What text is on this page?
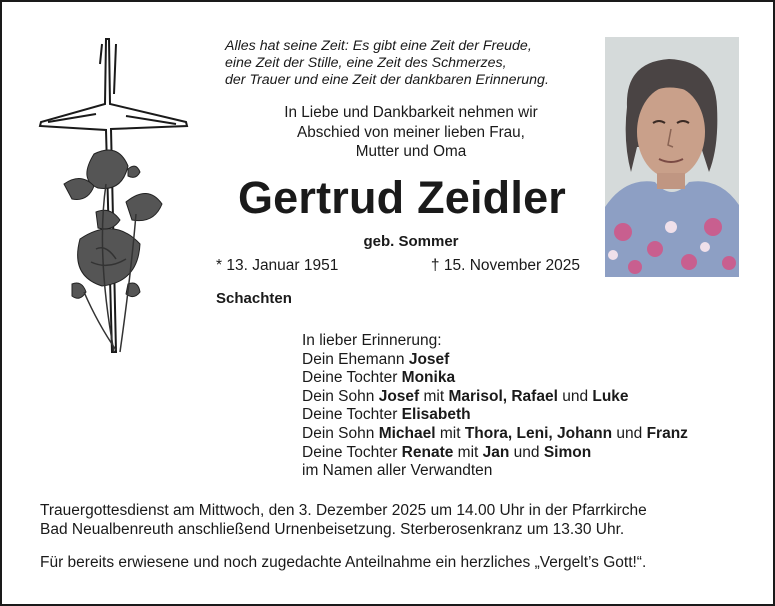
Alles hat seine Zeit: Es gibt eine Zeit der Freude,
eine Zeit der Stille, eine Zeit des Schmerzes,
der Trauer und eine Zeit der dankbaren Erinnerung.
In Liebe und Dankbarkeit nehmen wir
Abschied von meiner lieben Frau,
Mutter und Oma
Gertrud Zeidler
geb. Sommer
* 13. Januar 1951	† 15. November 2025
Schachten
In lieber Erinnerung:
Dein Ehemann Josef
Deine Tochter Monika
Dein Sohn Josef mit Marisol, Rafael und Luke
Deine Tochter Elisabeth
Dein Sohn Michael mit Thora, Leni, Johann und Franz
Deine Tochter Renate mit Jan und Simon
im Namen aller Verwandten
Trauergottesdienst am Mittwoch, den 3. Dezember 2025 um 14.00 Uhr in der Pfarrkirche
Bad Neualbenreuth anschließend Urnenbeisetzung. Sterberosenkranz um 13.30 Uhr.
Für bereits erwiesene und noch zugedachte Anteilnahme ein herzliches „Vergelt’s Gott!“.
